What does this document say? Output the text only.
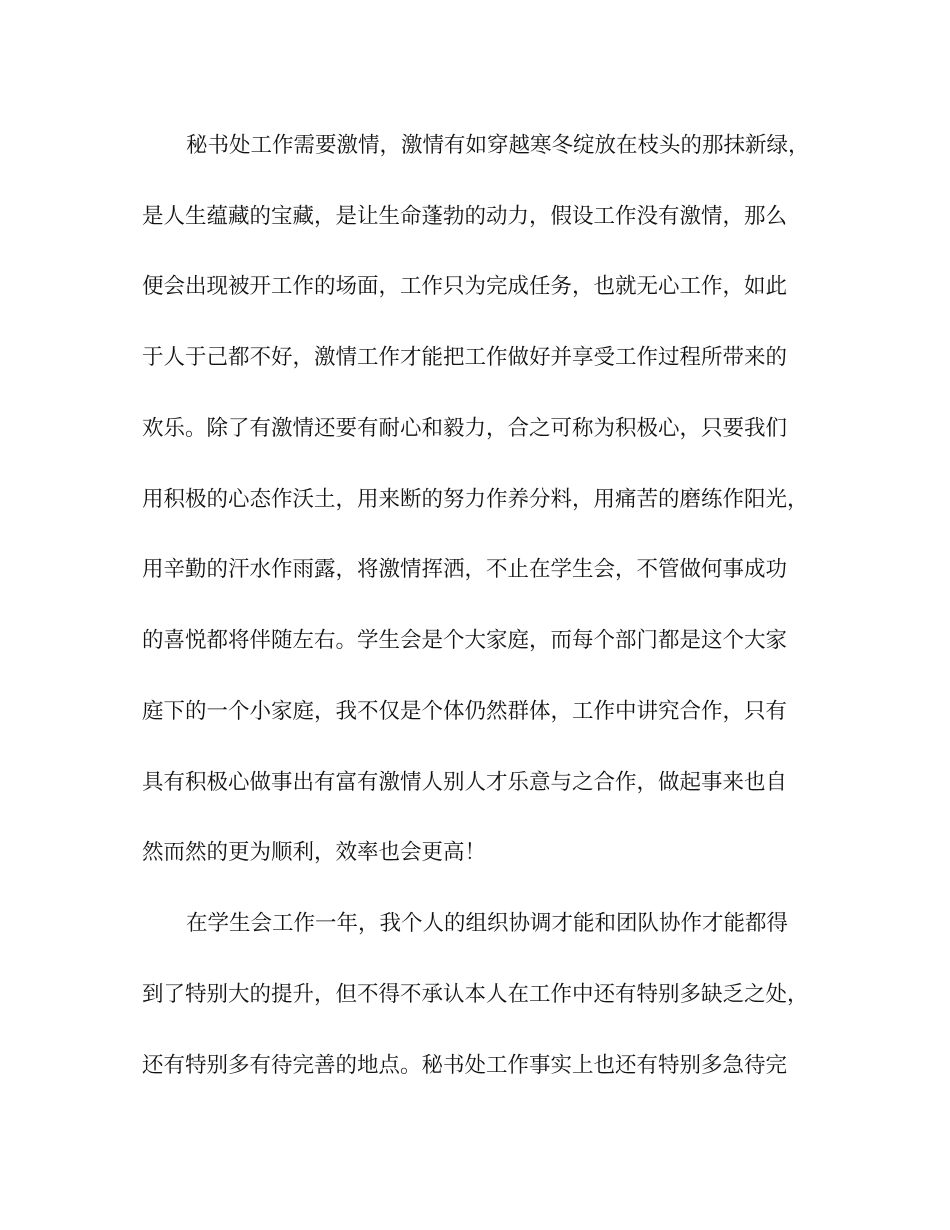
秘书处工作需要激情，激情有如穿越寒冬绽放在枝头的那抹新绿，
是人生蕴藏的宝藏，是让生命蓬勃的动力，假设工作没有激情，那么
便会出现被开工作的场面，工作只为完成任务，也就无心工作，如此
于人于己都不好，激情工作才能把工作做好并享受工作过程所带来的
欢乐。除了有激情还要有耐心和毅力，合之可称为积极心，只要我们
用积极的心态作沃土，用来断的努力作养分料，用痛苦的磨练作阳光，
用辛勤的汗水作雨露，将激情挥洒，不止在学生会，不管做何事成功
的喜悦都将伴随左右。学生会是个大家庭，而每个部门都是这个大家
庭下的一个小家庭，我不仅是个体仍然群体，工作中讲究合作，只有
具有积极心做事出有富有激情人别人才乐意与之合作，做起事来也自
然而然的更为顺利，效率也会更高！
在学生会工作一年，我个人的组织协调才能和团队协作才能都得
到了特别大的提升，但不得不承认本人在工作中还有特别多缺乏之处，
还有特别多有待完善的地点。秘书处工作事实上也还有特别多急待完
